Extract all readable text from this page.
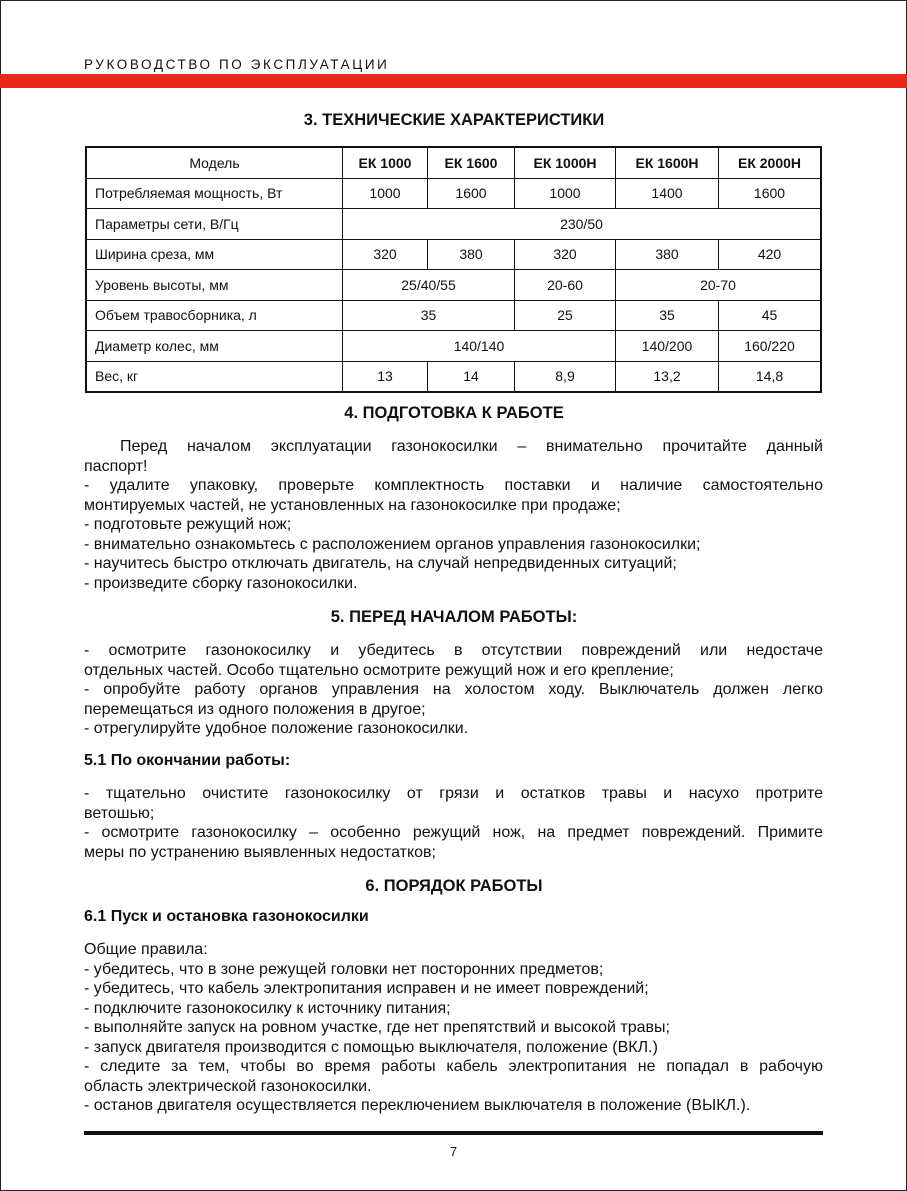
РУКОВОДСТВО ПО ЭКСПЛУАТАЦИИ
3. ТЕХНИЧЕСКИЕ ХАРАКТЕРИСТИКИ
Модель	ЕК 1000	ЕК 1600	ЕК 1000Н	ЕК 1600Н	ЕК 2000Н
Потребляемая мощность, Вт	1000	1600	1000	1400	1600
Параметры сети, В/Гц	230/50				
Ширина среза, мм	320	380	320	380	420
Уровень высоты, мм	25/40/55		20-60	20-70	
Объем травосборника, л	35		25	35	45
Диаметр колес, мм	140/140			140/200	160/220
Вес, кг	13	14	8,9	13,2	14,8
4. ПОДГОТОВКА К РАБОТЕ
Перед началом эксплуатации газонокосилки – внимательно прочитайте данный
паспорт!
- удалите упаковку, проверьте комплектность поставки и наличие самостоятельно
монтируемых частей, не установленных на газонокосилке при продаже;
- подготовьте режущий нож;
- внимательно ознакомьтесь с расположением органов управления газонокосилки;
- научитесь быстро отключать двигатель, на случай непредвиденных ситуаций;
- произведите сборку газонокосилки.
5. ПЕРЕД НАЧАЛОМ РАБОТЫ:
- осмотрите газонокосилку и убедитесь в отсутствии повреждений или недостаче
отдельных частей. Особо тщательно осмотрите режущий нож и его крепление;
- опробуйте работу органов управления на холостом ходу. Выключатель должен легко
перемещаться из одного положения в другое;
- отрегулируйте удобное положение газонокосилки.
5.1 По окончании работы:
- тщательно очистите газонокосилку от грязи и остатков травы и насухо протрите
ветошью;
- осмотрите газонокосилку – особенно режущий нож, на предмет повреждений. Примите
меры по устранению выявленных недостатков;
6. ПОРЯДОК РАБОТЫ
6.1 Пуск и остановка газонокосилки
Общие правила:
- убедитесь, что в зоне режущей головки нет посторонних предметов;
- убедитесь, что кабель электропитания исправен и не имеет повреждений;
- подключите газонокосилку к источнику питания;
- выполняйте запуск на ровном участке, где нет препятствий и высокой травы;
- запуск двигателя производится с помощью выключателя, положение (ВКЛ.)
- следите за тем, чтобы во время работы кабель электропитания не попадал в рабочую
область электрической газонокосилки.
- останов двигателя осуществляется переключением выключателя в положение (ВЫКЛ.).
7
